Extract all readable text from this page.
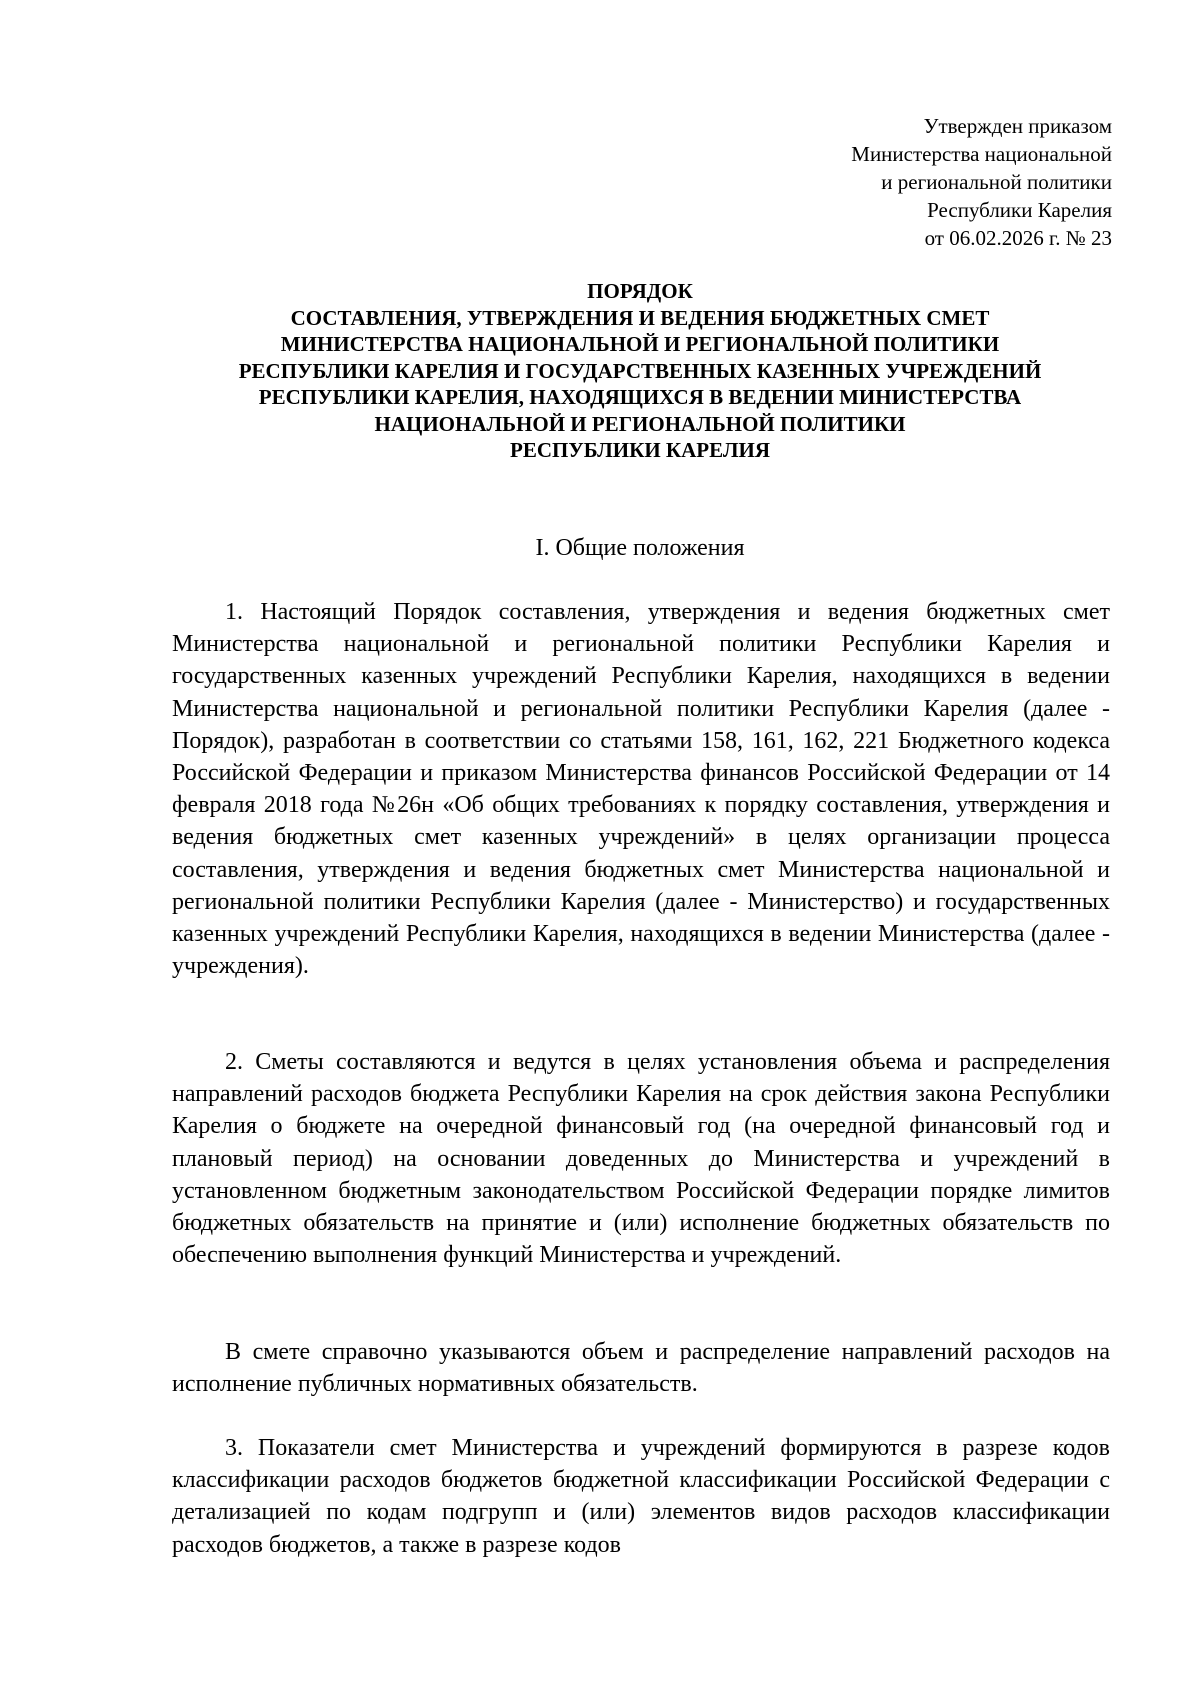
Утвержден приказом
Министерства национальной
и региональной политики
Республики Карелия
от 06.02.2026 г. № 23
ПОРЯДОК
СОСТАВЛЕНИЯ, УТВЕРЖДЕНИЯ И ВЕДЕНИЯ БЮДЖЕТНЫХ СМЕТ
МИНИСТЕРСТВА НАЦИОНАЛЬНОЙ И РЕГИОНАЛЬНОЙ ПОЛИТИКИ
РЕСПУБЛИКИ КАРЕЛИЯ И ГОСУДАРСТВЕННЫХ КАЗЕННЫХ УЧРЕЖДЕНИЙ
РЕСПУБЛИКИ КАРЕЛИЯ, НАХОДЯЩИХСЯ В ВЕДЕНИИ МИНИСТЕРСТВА
НАЦИОНАЛЬНОЙ И РЕГИОНАЛЬНОЙ ПОЛИТИКИ
РЕСПУБЛИКИ КАРЕЛИЯ
I. Общие положения

1. Настоящий Порядок составления, утверждения и ведения бюджетных смет Министерства национальной и региональной политики Республики Карелия и государственных казенных учреждений Республики Карелия, находящихся в ведении Министерства национальной и региональной политики Республики Карелия (далее - Порядок), разработан в соответствии со статьями 158, 161, 162, 221 Бюджетного кодекса Российской Федерации и приказом Министерства финансов Российской Федерации от 14 февраля 2018 года №26н «Об общих требованиях к порядку составления, утверждения и ведения бюджетных смет казенных учреждений» в целях организации процесса составления, утверждения и ведения бюджетных смет Министерства национальной и региональной политики Республики Карелия (далее - Министерство) и государственных казенных учреждений Республики Карелия, находящихся в ведении Министерства (далее - учреждения).

2. Сметы составляются и ведутся в целях установления объема и распределения направлений расходов бюджета Республики Карелия на срок действия закона Республики Карелия о бюджете на очередной финансовый год (на очередной финансовый год и плановый период) на основании доведенных до Министерства и учреждений в установленном бюджетным законодательством Российской Федерации порядке лимитов бюджетных обязательств на принятие и (или) исполнение бюджетных обязательств по обеспечению выполнения функций Министерства и учреждений.

В смете справочно указываются объем и распределение направлений расходов на исполнение публичных нормативных обязательств.

3. Показатели смет Министерства и учреждений формируются в разрезе кодов классификации расходов бюджетов бюджетной классификации Российской Федерации с детализацией по кодам подгрупп и (или) элементов видов расходов классификации расходов бюджетов, а также в разрезе кодов
